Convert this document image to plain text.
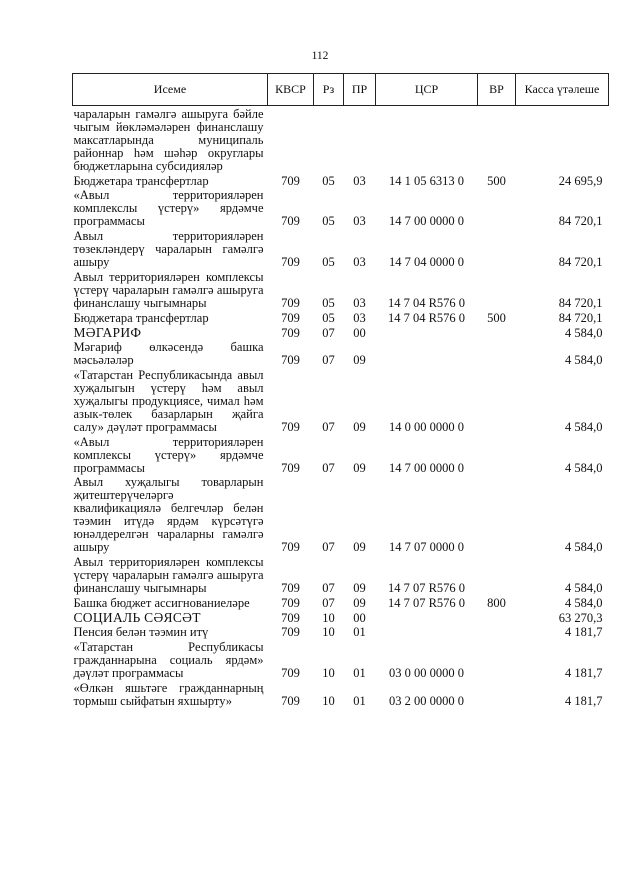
112
Исеме	КВСР	Рз	ПР	ЦСР	ВР	Касса үтәлеше
чараларын гамәлгә ашыруга бәйле чыгым йөкләмәләрен финанслашу максатларында муниципаль районнар һәм шәһәр округлары бюджетларына субсидияләр						
Бюджетара трансфертлар	709	05	03	14 1 05 6313 0	500	24 695,9
«Авыл территорияләрен комплекслы үстерү» ярдәмче программасы	709	05	03	14 7 00 0000 0		84 720,1
Авыл территорияләрен төзекләндерү чараларын гамәлгә ашыру	709	05	03	14 7 04 0000 0		84 720,1
Авыл территорияләрен комплексы үстерү чараларын гамәлгә ашыруга финанслашу чыгымнары	709	05	03	14 7 04 R576 0		84 720,1
Бюджетара трансфертлар	709	05	03	14 7 04 R576 0	500	84 720,1
МӘГАРИФ	709	07	00			4 584,0
Мәгариф өлкәсендә башка мәсьәләләр	709	07	09			4 584,0
«Татарстан Республикасында авыл хуҗалыгын үстерү һәм авыл хуҗалыгы продукциясе, чимал һәм азык-төлек базарларын җайга салу» дәүләт программасы	709	07	09	14 0 00 0000 0		4 584,0
«Авыл территорияләрен комплексы үстерү» ярдәмче программасы	709	07	09	14 7 00 0000 0		4 584,0
Авыл хуҗалыгы товарларын җитештерүчеләргә квалификациялә белгечләр белән тәэмин итүдә ярдәм күрсәтүгә юнәлдерелгән чараларны гамәлгә ашыру	709	07	09	14 7 07 0000 0		4 584,0
Авыл территорияләрен комплексы үстерү чараларын гамәлгә ашыруга финанслашу чыгымнары	709	07	09	14 7 07 R576 0		4 584,0
Башка бюджет ассигнованиеләре	709	07	09	14 7 07 R576 0	800	4 584,0
СОЦИАЛЬ СӘЯСӘТ	709	10	00			63 270,3
Пенсия белән тәэмин итү	709	10	01			4 181,7
«Татарстан Республикасы гражданнарына социаль ярдәм» дәүләт программасы	709	10	01	03 0 00 0000 0		4 181,7
«Өлкән яшьтәге гражданнарның тормыш сыйфатын яхшырту»	709	10	01	03 2 00 0000 0		4 181,7
